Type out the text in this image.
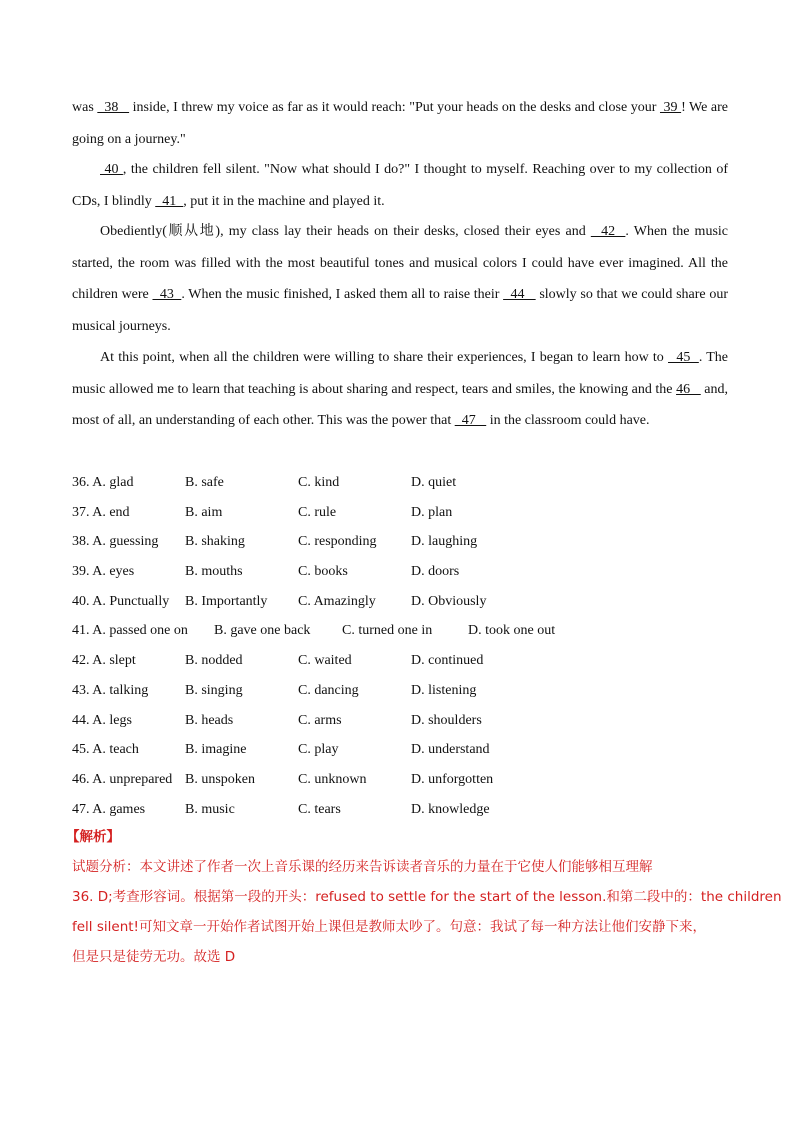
was   38    inside, I threw my voice as far as it would reach: "Put your heads on the desks and close your  39 ! We are going on a journey."
40 , the children fell silent. "Now what should I do?" I thought to myself. Reaching over to my collection of CDs, I blindly   41  , put it in the machine and played it.
Obediently(顺从地), my class lay their heads on their desks, closed their eyes and   42  . When the music started, the room was filled with the most beautiful tones and musical colors I could have ever imagined. All the children were   43  . When the music finished, I asked them all to raise their   44    slowly so that we could share our musical journeys.
At this point, when all the children were willing to share their experiences, I began to learn how to   45  . The music allowed me to learn that teaching is about sharing and respect, tears and smiles, the knowing and the 46    and, most of all, an understanding of each other. This was the power that   47    in the classroom could have.
36. A. glad	B. safe	C. kind	D. quiet
37. A. end	B. aim	C. rule	D. plan
38. A. guessing B. shaking	C. responding D. laughing
39. A. eyes	B. mouths	C. books	D. doors
40. A. Punctually B. Importantly C. Amazingly	D. Obviously
41. A. passed one on B. gave one back C. turned one in	D. took one out
42. A. slept	B. nodded	C. waited	D. continued
43. A. talking	B. singing	C. dancing	D. listening
44. A. legs	B. heads	C. arms	D. shoulders
45. A. teach	B. imagine	C. play	D. understand
46. A. unprepared B. unspoken	C. unknown	D. unforgotten
47. A. games	B. music	C. tears	D. knowledge
【解析】
试题分析：本文讲述了作者一次上音乐课的经历来告诉读者音乐的力量在于它使人们能够相互理解
36. D;考查形容词。根据第一段的开头：refused to settle for the start of the lesson.和第二段中的：the children
fell silent!可知文章一开始作者试图开始上课但是教师太吵了。句意：我试了每一种方法让他们安静下来，
但是只是徒劳无功。故选 D
